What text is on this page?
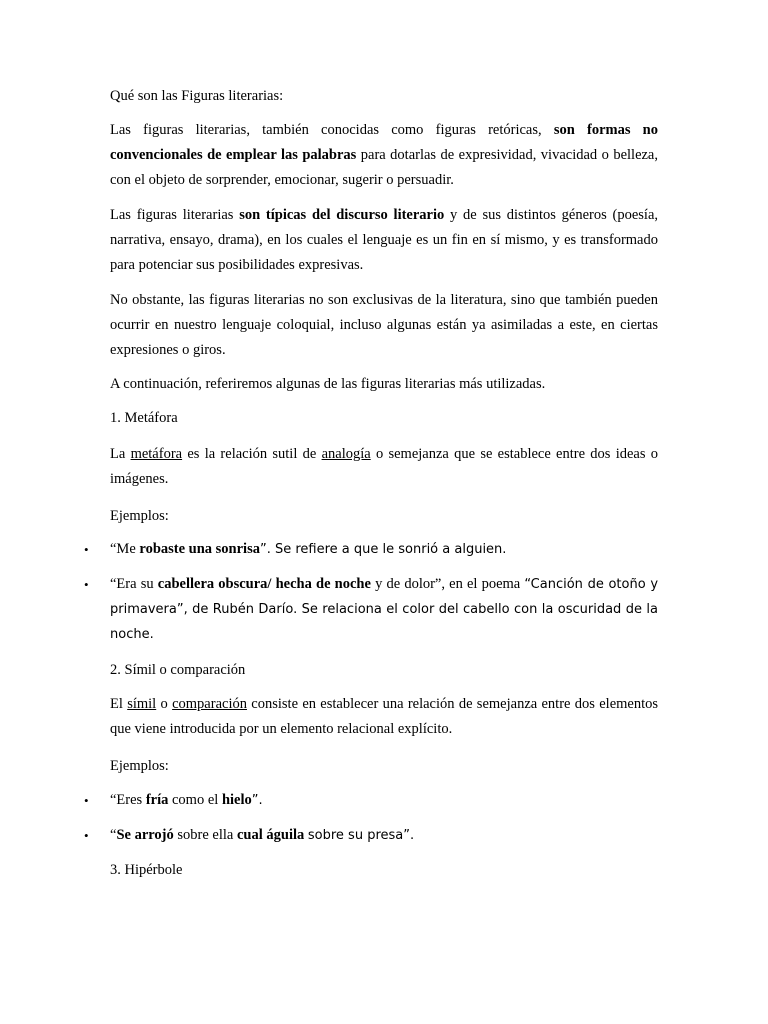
Qué son las Figuras literarias:

Las figuras literarias, también conocidas como figuras retóricas, son formas no convencionales de emplear las palabras para dotarlas de expresividad, vivacidad o belleza, con el objeto de sorprender, emocionar, sugerir o persuadir.

Las figuras literarias son típicas del discurso literario y de sus distintos géneros (poesía, narrativa, ensayo, drama), en los cuales el lenguaje es un fin en sí mismo, y es transformado para potenciar sus posibilidades expresivas.

No obstante, las figuras literarias no son exclusivas de la literatura, sino que también pueden ocurrir en nuestro lenguaje coloquial, incluso algunas están ya asimiladas a este, en ciertas expresiones o giros.

A continuación, referiremos algunas de las figuras literarias más utilizadas.

1. Metáfora

La metáfora es la relación sutil de analogía o semejanza que se establece entre dos ideas o imágenes.

Ejemplos:

• “Me robaste una sonrisa”. Se refiere a que le sonrió a alguien.

• “Era su cabellera obscura/ hecha de noche y de dolor”, en el poema “Canción de otoño y primavera”, de Rubén Darío. Se relaciona el color del cabello con la oscuridad de la noche.

2. Símil o comparación

El símil o comparación consiste en establecer una relación de semejanza entre dos elementos que viene introducida por un elemento relacional explícito.

Ejemplos:

• “Eres fría como el hielo”.

• “Se arrojó sobre ella cual águila sobre su presa”.

3. Hipérbole
